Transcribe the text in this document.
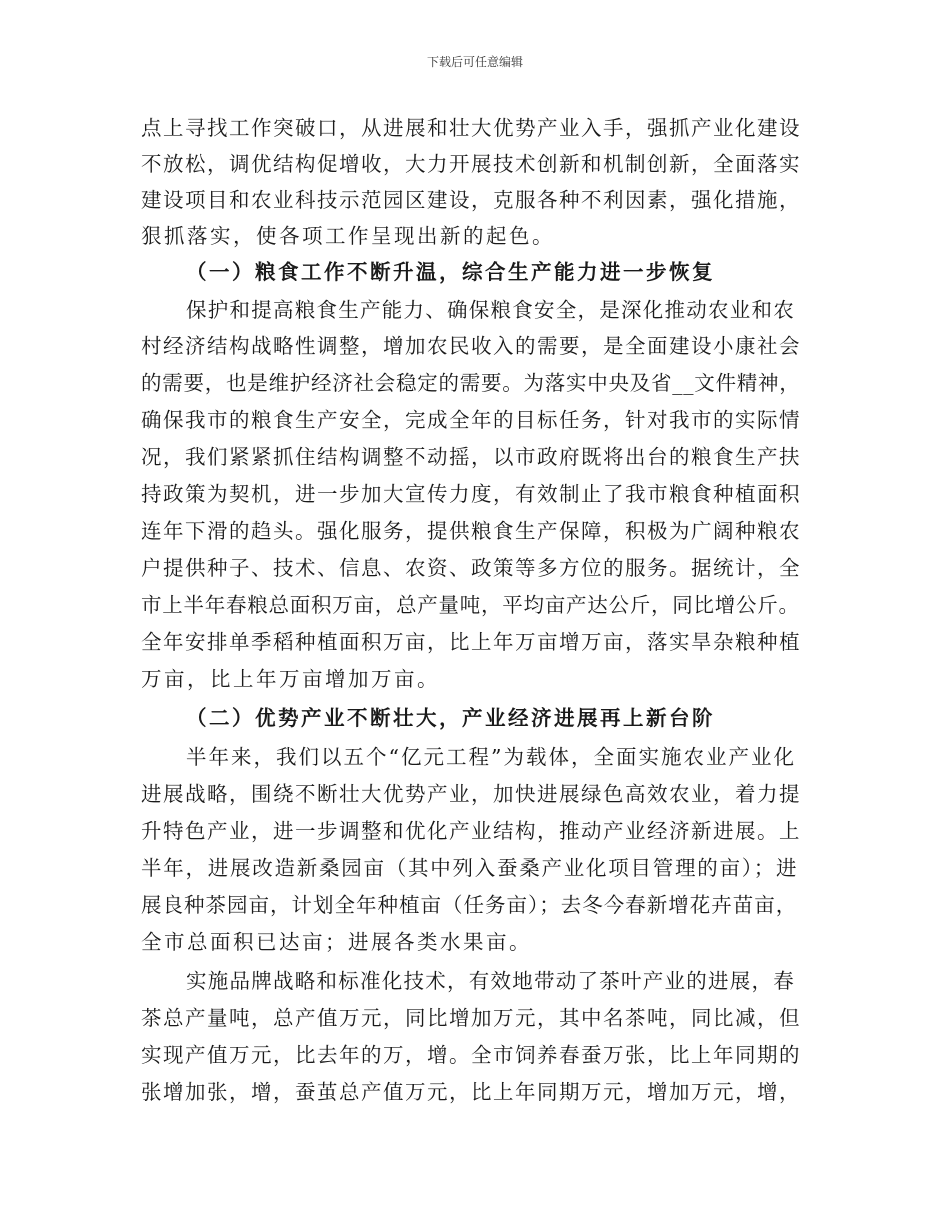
下载后可任意编辑
点上寻找工作突破口，从进展和壮大优势产业入手，强抓产业化建设
不放松，调优结构促增收，大力开展技术创新和机制创新，全面落实
建设项目和农业科技示范园区建设，克服各种不利因素，强化措施，
狠抓落实，使各项工作呈现出新的起色。
（一）粮食工作不断升温，综合生产能力进一步恢复
保护和提高粮食生产能力、确保粮食安全，是深化推动农业和农
村经济结构战略性调整，增加农民收入的需要，是全面建设小康社会
的需要，也是维护经济社会稳定的需要。为落实中央及省__文件精神，
确保我市的粮食生产安全，完成全年的目标任务，针对我市的实际情
况，我们紧紧抓住结构调整不动摇，以市政府既将出台的粮食生产扶
持政策为契机，进一步加大宣传力度，有效制止了我市粮食种植面积
连年下滑的趋头。强化服务，提供粮食生产保障，积极为广阔种粮农
户提供种子、技术、信息、农资、政策等多方位的服务。据统计，全
市上半年春粮总面积万亩，总产量吨，平均亩产达公斤，同比增公斤。
全年安排单季稻种植面积万亩，比上年万亩增万亩，落实旱杂粮种植
万亩，比上年万亩增加万亩。
（二）优势产业不断壮大，产业经济进展再上新台阶
半年来，我们以五个“亿元工程”为载体，全面实施农业产业化
进展战略，围绕不断壮大优势产业，加快进展绿色高效农业，着力提
升特色产业，进一步调整和优化产业结构，推动产业经济新进展。上
半年，进展改造新桑园亩（其中列入蚕桑产业化项目管理的亩）；进
展良种茶园亩，计划全年种植亩（任务亩）；去冬今春新增花卉苗亩，
全市总面积已达亩；进展各类水果亩。
实施品牌战略和标准化技术，有效地带动了茶叶产业的进展，春
茶总产量吨，总产值万元，同比增加万元，其中名茶吨，同比减，但
实现产值万元，比去年的万，增。全市饲养春蚕万张，比上年同期的
张增加张，增，蚕茧总产值万元，比上年同期万元，增加万元，增，
